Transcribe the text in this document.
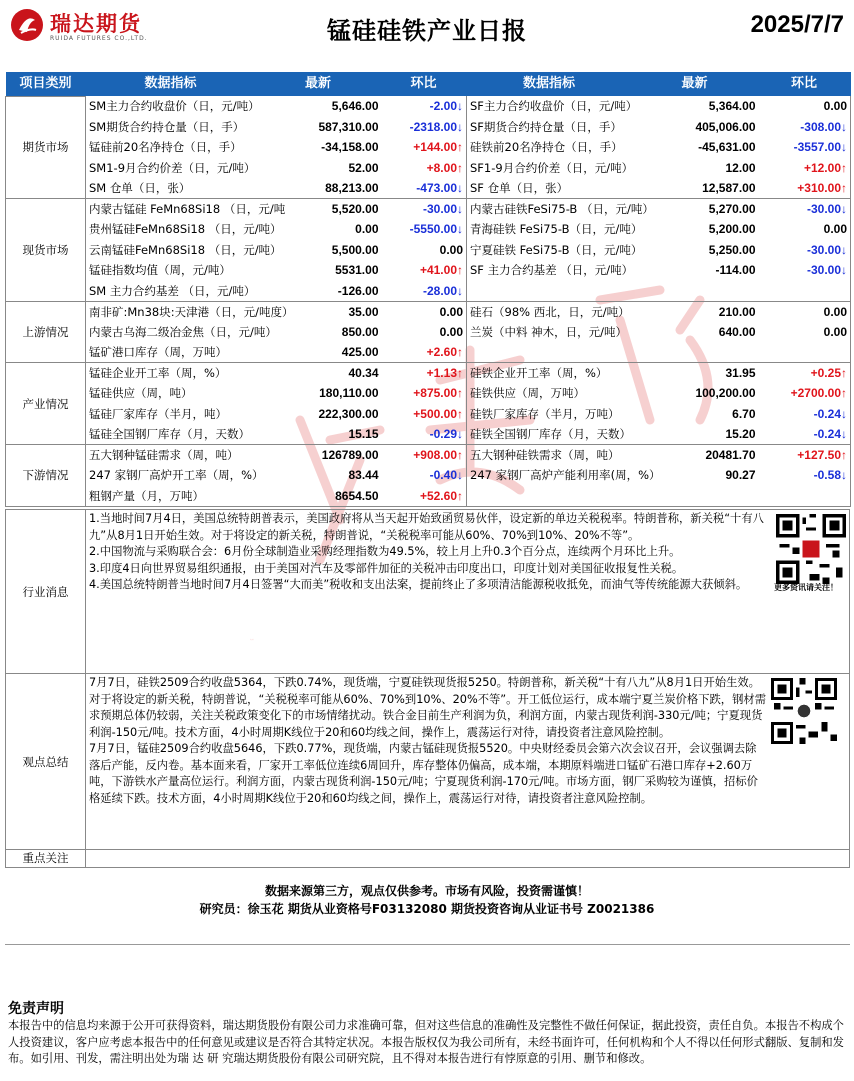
瑞达期货
RUIDA FUTURES CO.,LTD.	锰硅硅铁产业日报	2025/7/7
瑞达研究
项目类别	数据指标	最新	环比	数据指标	最新	环比
期货市场	SM主力合约收盘价（日，元/吨）	5,646.00	-2.00↓	SF主力合约收盘价（日，元/吨）	5,364.00	0.00
	SM期货合约持仓量（日，手）	587,310.00	-2318.00↓	SF期货合约持仓量（日，手）	405,006.00	-308.00↓
	锰硅前20名净持仓（日，手）	-34,158.00	+144.00↑	硅铁前20名净持仓（日，手）	-45,631.00	-3557.00↓
	SM1-9月合约价差（日，元/吨）	52.00	+8.00↑	SF1-9月合约价差（日，元/吨）	12.00	+12.00↑
	SM 仓单（日，张）	88,213.00	-473.00↓	SF 仓单（日，张）	12,587.00	+310.00↑
现货市场	内蒙古锰硅 FeMn68Si18 （日，元/吨	5,520.00	-30.00↓	内蒙古硅铁FeSi75-B （日，元/吨）	5,270.00	-30.00↓
	贵州锰硅FeMn68Si18 （日，元/吨）	0.00	-5550.00↓	青海硅铁 FeSi75-B（日，元/吨）	5,200.00	0.00
	云南锰硅FeMn68Si18 （日，元/吨）	5,500.00	0.00	宁夏硅铁 FeSi75-B（日，元/吨）	5,250.00	-30.00↓
	锰硅指数均值（周，元/吨）	5531.00	+41.00↑	SF 主力合约基差 （日，元/吨）	-114.00	-30.00↓
	SM 主力合约基差 （日，元/吨）	-126.00	-28.00↓			
上游情况	南非矿:Mn38块:天津港（日，元/吨度）	35.00	0.00	硅石（98% 西北，日，元/吨）	210.00	0.00
	内蒙古乌海二级冶金焦（日，元/吨）	850.00	0.00	兰炭（中料 神木，日，元/吨）	640.00	0.00
	锰矿港口库存（周，万吨）	425.00	+2.60↑			
产业情况	锰硅企业开工率（周，%）	40.34	+1.13↑	硅铁企业开工率（周，%）	31.95	+0.25↑
	锰硅供应（周，吨）	180,110.00	+875.00↑	硅铁供应（周，万吨）	100,200.00	+2700.00↑
	锰硅厂家库存（半月，吨）	222,300.00	+500.00↑	硅铁厂家库存（半月，万吨）	6.70	-0.24↓
	锰硅全国钢厂库存（月，天数）	15.15	-0.29↓	硅铁全国钢厂库存（月，天数）	15.20	-0.24↓
下游情况	五大钢种锰硅需求（周，吨）	126789.00	+908.00↑	五大钢种硅铁需求（周，吨）	20481.70	+127.50↑
	247 家钢厂高炉开工率（周，%）	83.44	-0.40↓	247 家钢厂高炉产能利用率(周，%）	90.27	-0.58↓
	粗钢产量（月，万吨）	8654.50	+52.60↑			
行业消息
1.当地时间7月4日，美国总统特朗普表示，美国政府将从当天起开始致函贸易伙伴，设定新的单边关税税率。特朗普称，新关税“十有八九”从8月1日开始生效。对于将设定的新关税，特朗普说，“关税税率可能从60%、70%到10%、20%不等”。
2.中国物流与采购联合会：6月份全球制造业采购经理指数为49.5%，较上月上升0.3个百分点，连续两个月环比上升。
3.印度4日向世界贸易组织通报，由于美国对汽车及零部件加征的关税冲击印度出口，印度计划对美国征收报复性关税。
4.美国总统特朗普当地时间7月4日签署“大而美”税收和支出法案，提前终止了多项清洁能源税收抵免，而油气等传统能源大获倾斜。	更多资讯请关注！
观点总结
7月7日，硅铁2509合约收盘5364，下跌0.74%，现货端，宁夏硅铁现货报5250。特朗普称，新关税“十有八九”从8月1日开始生效。对于将设定的新关税，特朗普说，“关税税率可能从60%、70%到10%、20%不等”。开工低位运行，成本端宁夏兰炭价格下跌，钢材需求预期总体仍较弱，关注关税政策变化下的市场情绪扰动。铁合金目前生产利润为负，利润方面，内蒙古现货利润-330元/吨；宁夏现货利润-150元/吨。技术方面，4小时周期K线位于20和60均线之间，操作上，震荡运行对待，请投资者注意风险控制。
7月7日，锰硅2509合约收盘5646，下跌0.77%，现货端，内蒙古锰硅现货报5520。中央财经委员会第六次会议召开，会议强调去除落后产能，反内卷。基本面来看，厂家开工率低位连续6周回升，库存整体仍偏高，成本端，本期原料端进口锰矿石港口库存+2.60万吨，下游铁水产量高位运行。利润方面，内蒙古现货利润-150元/吨；宁夏现货利润-170元/吨。市场方面，钢厂采购较为谨慎，招标价格延续下跌。技术方面，4小时周期K线位于20和60均线之间，操作上，震荡运行对待，请投资者注意风险控制。
重点关注
数据来源第三方，观点仅供参考。市场有风险，投资需谨慎！
研究员：徐玉花 期货从业资格号F03132080 期货投资咨询从业证书号 Z0021386
免责声明
本报告中的信息均来源于公开可获得资料，瑞达期货股份有限公司力求准确可靠，但对这些信息的准确性及完整性不做任何保证，据此投资，责任自负。本报告不构成个人投资建议，客户应考虑本报告中的任何意见或建议是否符合其特定状况。本报告版权仅为我公司所有，未经书面许可，任何机构和个人不得以任何形式翻版、复制和发布。如引用、刊发，需注明出处为瑞 达 研 究瑞达期货股份有限公司研究院，且不得对本报告进行有悖原意的引用、删节和修改。
